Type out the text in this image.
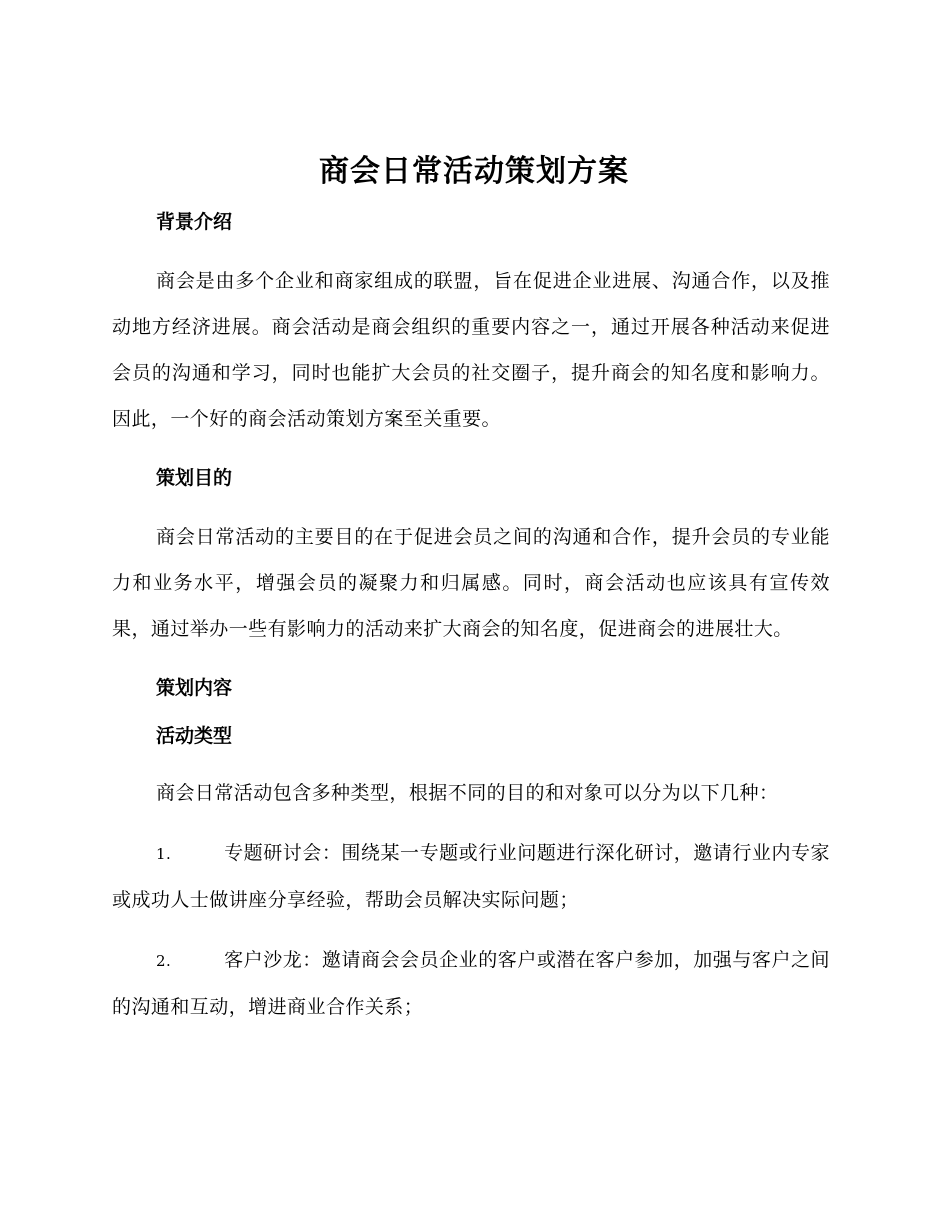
商会日常活动策划方案
背景介绍

商会是由多个企业和商家组成的联盟，旨在促进企业进展、沟通合作，以及推动地方经济进展。商会活动是商会组织的重要内容之一，通过开展各种活动来促进会员的沟通和学习，同时也能扩大会员的社交圈子，提升商会的知名度和影响力。因此，一个好的商会活动策划方案至关重要。

策划目的

商会日常活动的主要目的在于促进会员之间的沟通和合作，提升会员的专业能力和业务水平，增强会员的凝聚力和归属感。同时，商会活动也应该具有宣传效果，通过举办一些有影响力的活动来扩大商会的知名度，促进商会的进展壮大。

策划内容
活动类型

商会日常活动包含多种类型，根据不同的目的和对象可以分为以下几种：

1.	专题研讨会：围绕某一专题或行业问题进行深化研讨，邀请行业内专家或成功人士做讲座分享经验，帮助会员解决实际问题；

2.	客户沙龙：邀请商会会员企业的客户或潜在客户参加，加强与客户之间的沟通和互动，增进商业合作关系；
